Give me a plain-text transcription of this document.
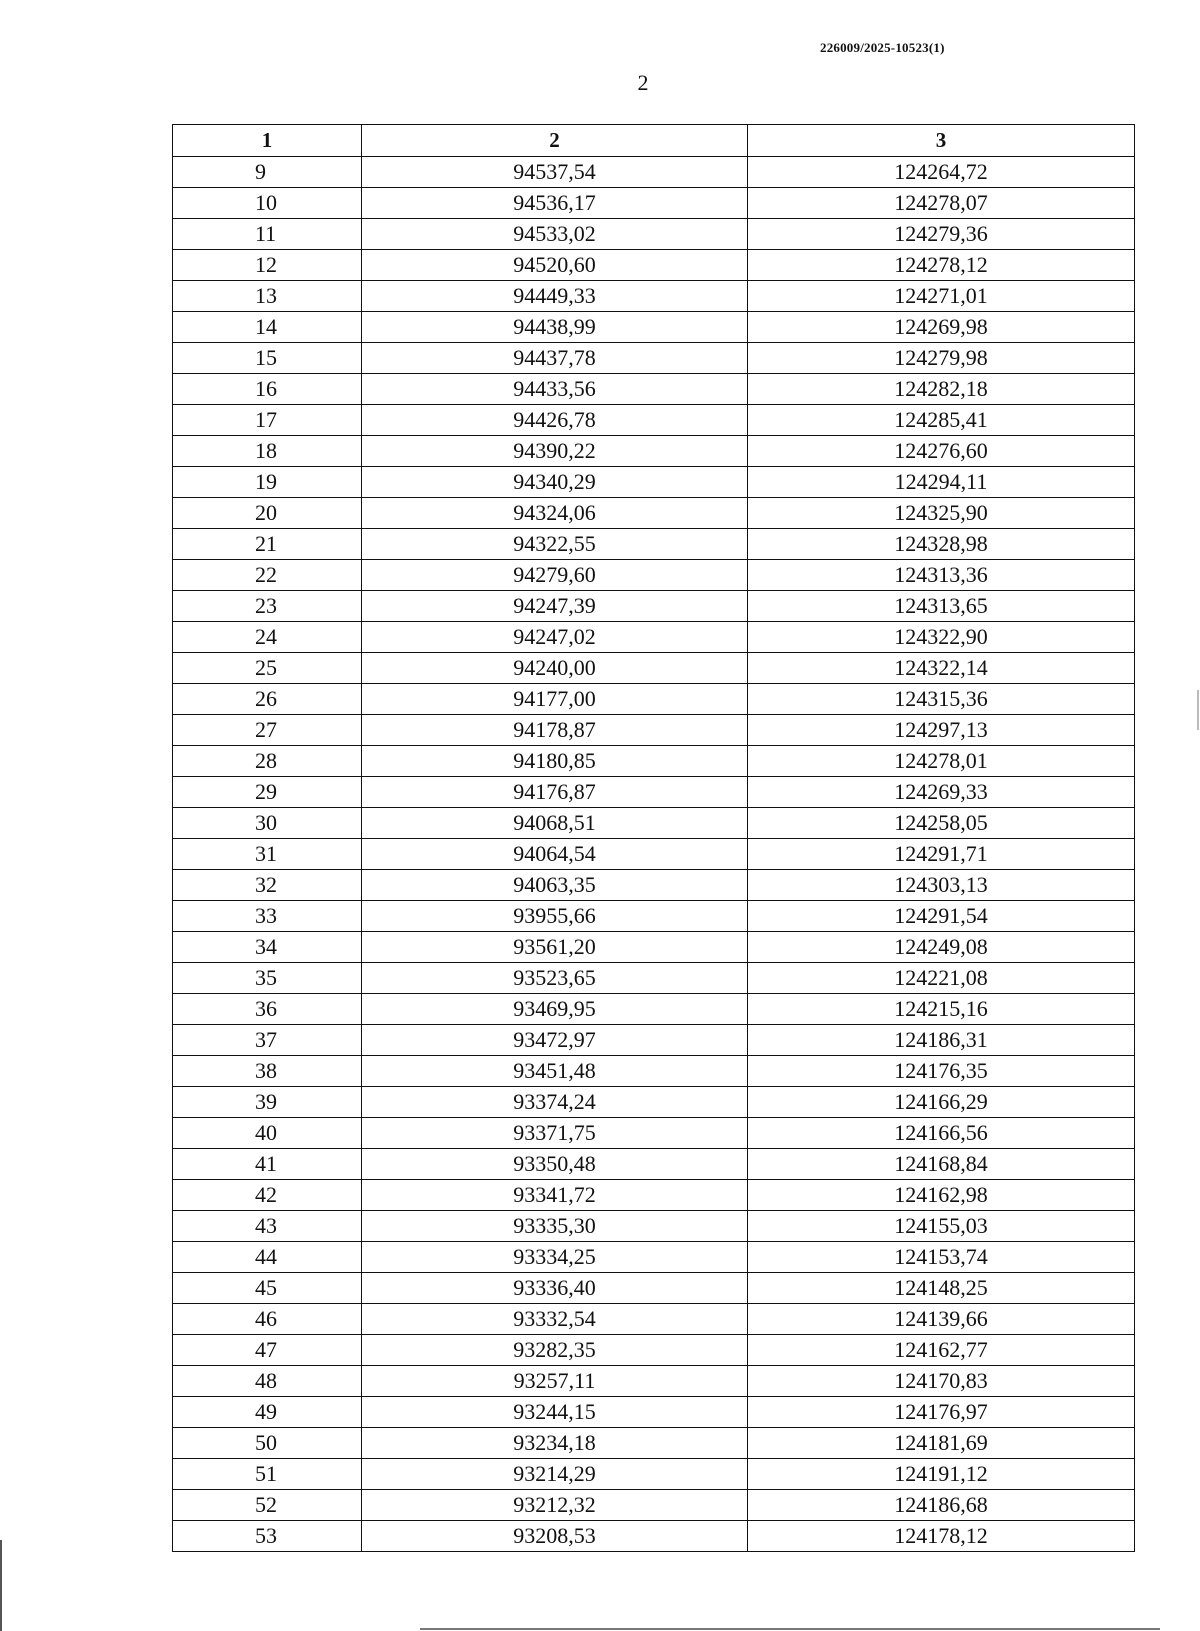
226009/2025-10523(1)
2
1	2	3
9	94537,54	124264,72
10	94536,17	124278,07
11	94533,02	124279,36
12	94520,60	124278,12
13	94449,33	124271,01
14	94438,99	124269,98
15	94437,78	124279,98
16	94433,56	124282,18
17	94426,78	124285,41
18	94390,22	124276,60
19	94340,29	124294,11
20	94324,06	124325,90
21	94322,55	124328,98
22	94279,60	124313,36
23	94247,39	124313,65
24	94247,02	124322,90
25	94240,00	124322,14
26	94177,00	124315,36
27	94178,87	124297,13
28	94180,85	124278,01
29	94176,87	124269,33
30	94068,51	124258,05
31	94064,54	124291,71
32	94063,35	124303,13
33	93955,66	124291,54
34	93561,20	124249,08
35	93523,65	124221,08
36	93469,95	124215,16
37	93472,97	124186,31
38	93451,48	124176,35
39	93374,24	124166,29
40	93371,75	124166,56
41	93350,48	124168,84
42	93341,72	124162,98
43	93335,30	124155,03
44	93334,25	124153,74
45	93336,40	124148,25
46	93332,54	124139,66
47	93282,35	124162,77
48	93257,11	124170,83
49	93244,15	124176,97
50	93234,18	124181,69
51	93214,29	124191,12
52	93212,32	124186,68
53	93208,53	124178,12
